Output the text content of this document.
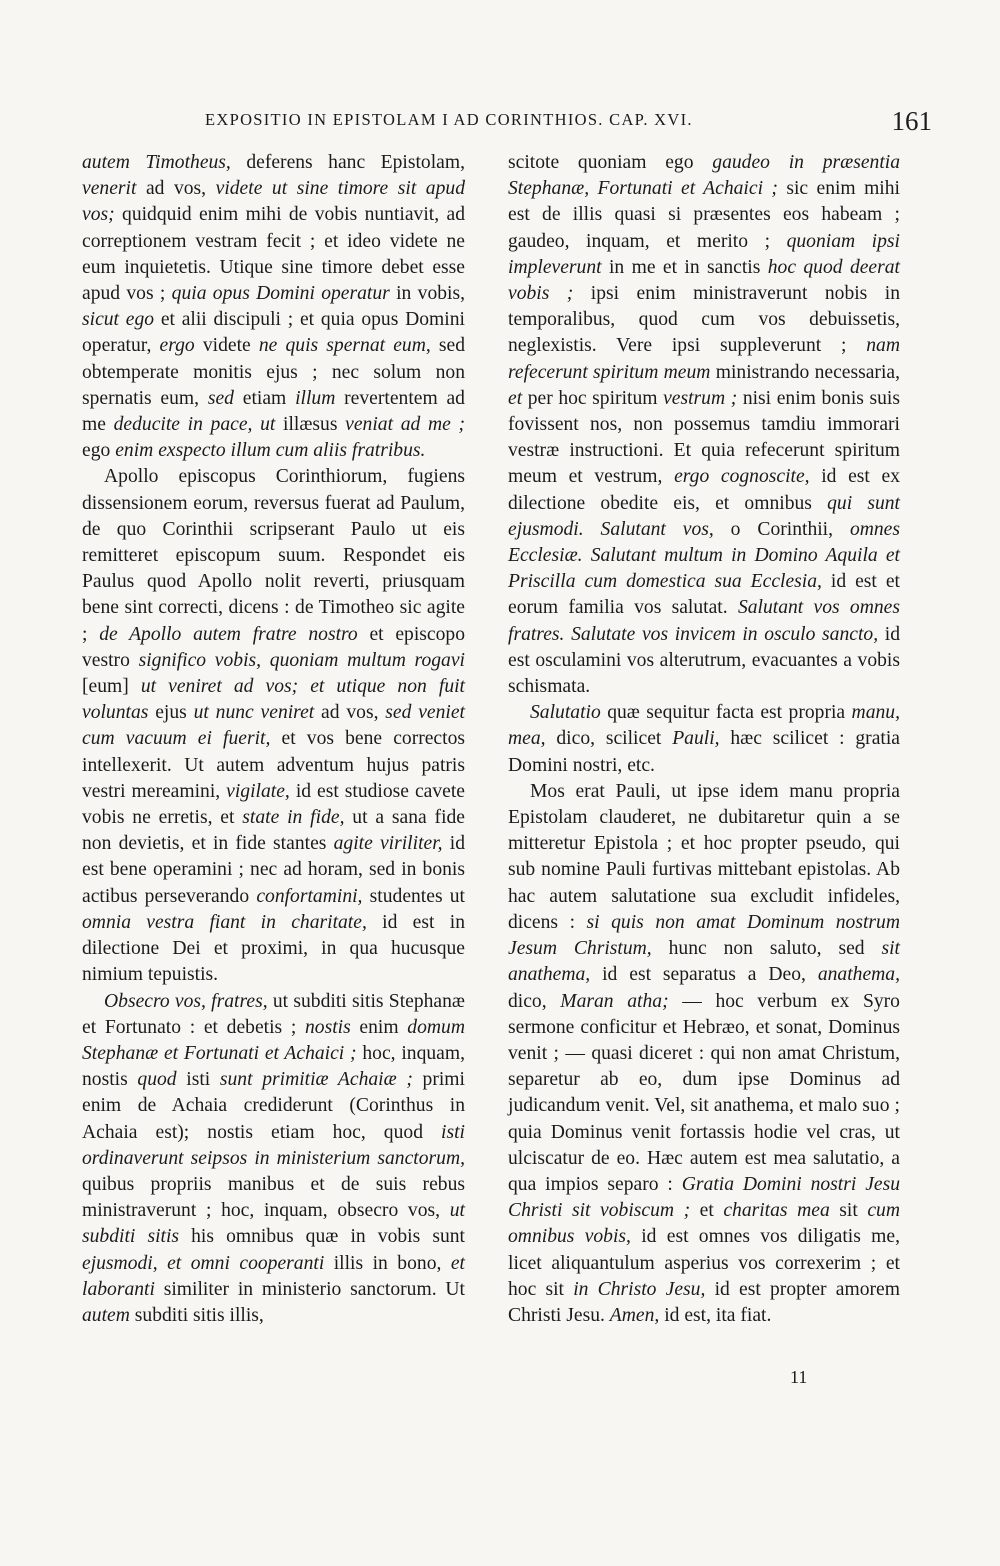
EXPOSITIO IN EPISTOLAM I AD CORINTHIOS. CAP. XVI.	161

autem Timotheus, deferens hanc Epistolam, venerit ad vos, videte ut sine timore sit apud vos; quidquid enim mihi de vobis nuntiavit, ad correptionem vestram fecit ; et ideo videte ne eum inquietetis. Utique sine timore debet esse apud vos ; quia opus Domini operatur in vobis, sicut ego et alii discipuli ; et quia opus Domini operatur, ergo videte ne quis spernat eum, sed obtemperate monitis ejus ; nec solum non spernatis eum, sed etiam illum revertentem ad me deducite in pace, ut illæsus veniat ad me ; ego enim exspecto illum cum aliis fratribus.

Apollo episcopus Corinthiorum, fugiens dissensionem eorum, reversus fuerat ad Paulum, de quo Corinthii scripserant Paulo ut eis remitteret episcopum suum. Respondet eis Paulus quod Apollo nolit reverti, priusquam bene sint correcti, dicens : de Timotheo sic agite ; de Apollo autem fratre nostro et episcopo vestro significo vobis, quoniam multum rogavi [eum] ut veniret ad vos; et utique non fuit voluntas ejus ut nunc veniret ad vos, sed veniet cum vacuum ei fuerit, et vos bene correctos intellexerit. Ut autem adventum hujus patris vestri mereamini, vigilate, id est studiose cavete vobis ne erretis, et state in fide, ut a sana fide non devietis, et in fide stantes agite viriliter, id est bene operamini ; nec ad horam, sed in bonis actibus perseverando confortamini, studentes ut omnia vestra fiant in charitate, id est in dilectione Dei et proximi, in qua hucusque nimium tepuistis.

Obsecro vos, fratres, ut subditi sitis Stephanæ et Fortunato : et debetis ; nostis enim domum Stephanæ et Fortunati et Achaici ; hoc, inquam, nostis quod isti sunt primitiæ Achaiæ ; primi enim de Achaia crediderunt (Corinthus in Achaia est); nostis etiam hoc, quod isti ordinaverunt seipsos in ministerium sanctorum, quibus propriis manibus et de suis rebus ministraverunt ; hoc, inquam, obsecro vos, ut subditi sitis his omnibus quæ in vobis sunt ejusmodi, et omni cooperanti illis in bono, et laboranti similiter in ministerio sanctorum. Ut autem subditi sitis illis,

scitote quoniam ego gaudeo in præsentia Stephanæ, Fortunati et Achaici ; sic enim mihi est de illis quasi si præsentes eos habeam ; gaudeo, inquam, et merito ; quoniam ipsi impleverunt in me et in sanctis hoc quod deerat vobis ; ipsi enim ministraverunt nobis in temporalibus, quod cum vos debuissetis, neglexistis. Vere ipsi suppleverunt ; nam refecerunt spiritum meum ministrando necessaria, et per hoc spiritum vestrum ; nisi enim bonis suis fovissent nos, non possemus tamdiu immorari vestræ instructioni. Et quia refecerunt spiritum meum et vestrum, ergo cognoscite, id est ex dilectione obedite eis, et omnibus qui sunt ejusmodi. Salutant vos, o Corinthii, omnes Ecclesiæ. Salutant multum in Domino Aquila et Priscilla cum domestica sua Ecclesia, id est et eorum familia vos salutat. Salutant vos omnes fratres. Salutate vos invicem in osculo sancto, id est osculamini vos alterutrum, evacuantes a vobis schismata.

Salutatio quæ sequitur facta est propria manu, mea, dico, scilicet Pauli, hæc scilicet : gratia Domini nostri, etc.

Mos erat Pauli, ut ipse idem manu propria Epistolam clauderet, ne dubitaretur quin a se mitteretur Epistola ; et hoc propter pseudo, qui sub nomine Pauli furtivas mittebant epistolas. Ab hac autem salutatione sua excludit infideles, dicens : si quis non amat Dominum nostrum Jesum Christum, hunc non saluto, sed sit anathema, id est separatus a Deo, anathema, dico, Maran atha; — hoc verbum ex Syro sermone conficitur et Hebræo, et sonat, Dominus venit ; — quasi diceret : qui non amat Christum, separetur ab eo, dum ipse Dominus ad judicandum venit. Vel, sit anathema, et malo suo ; quia Dominus venit fortassis hodie vel cras, ut ulciscatur de eo. Hæc autem est mea salutatio, a qua impios separo : Gratia Domini nostri Jesu Christi sit vobiscum ; et charitas mea sit cum omnibus vobis, id est omnes vos diligatis me, licet aliquantulum asperius vos correxerim ; et hoc sit in Christo Jesu, id est propter amorem Christi Jesu. Amen, id est, ita fiat.

11
